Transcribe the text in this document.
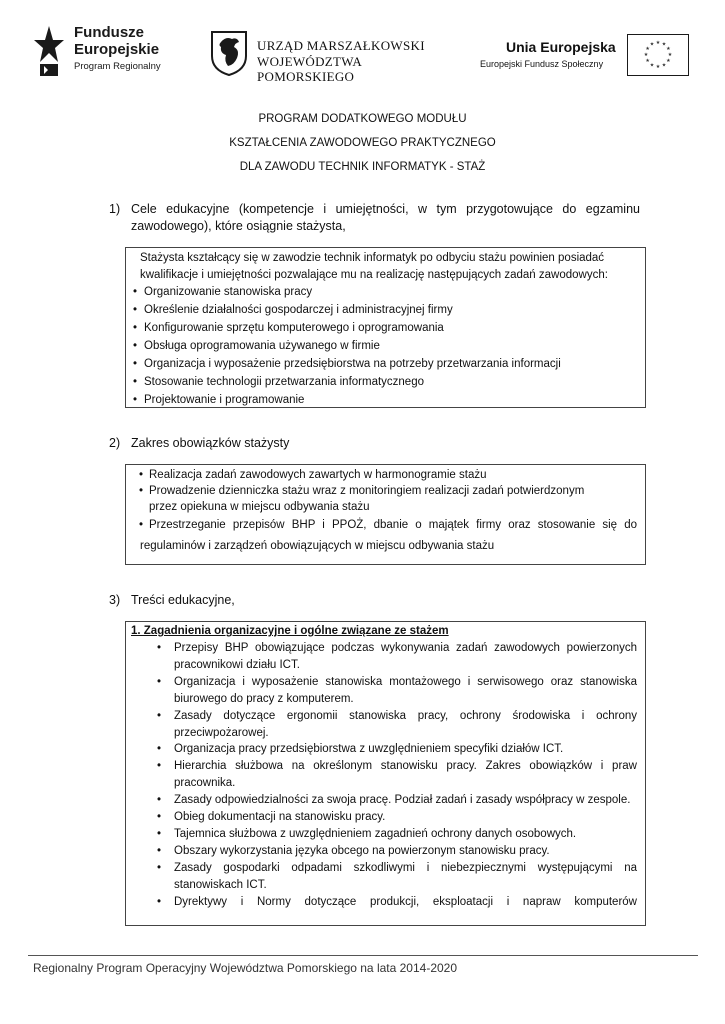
Fundusze
Europejskie
Program Regionalny
URZĄD MARSZAŁKOWSKI
WOJEWÓDZTWA POMORSKIEGO
Unia Europejska
Europejski Fundusz Społeczny
★ ★
★
★
★
★
★
★
★
★
★
★
PROGRAM DODATKOWEGO MODUŁU
KSZTAŁCENIA ZAWODOWEGO PRAKTYCZNEGO
DLA ZAWODU TECHNIK INFORMATYK - STAŻ
1) Cele edukacyjne (kompetencje i umiejętności, w tym przygotowujące do egzaminu
zawodowego), które osiągnie stażysta,

Stażysta kształcący się w zawodzie technik informatyk po odbyciu stażu powinien posiadać

kwalifikacje i umiejętności pozwalające mu na realizację następujących zadań zawodowych:

• Organizowanie stanowiska pracy

• Określenie działalności gospodarczej i administracyjnej firmy

• Konfigurowanie sprzętu komputerowego i oprogramowania

• Obsługa oprogramowania używanego w firmie

• Organizacja i wyposażenie przedsiębiorstwa na potrzeby przetwarzania informacji

• Stosowanie technologii przetwarzania informatycznego

• Projektowanie i programowanie

2) Zakres obowiązków stażysty

• Realizacja zadań zawodowych zawartych w harmonogramie stażu

• Prowadzenie dzienniczka stażu wraz z monitoringiem realizacji zadań potwierdzonym

przez opiekuna w miejscu odbywania stażu

• Przestrzeganie przepisów BHP i PPOŻ, dbanie o majątek firmy oraz stosowanie się do

regulaminów i zarządzeń obowiązujących w miejscu odbywania stażu

3) Treści edukacyjne,

1. Zagadnienia organizacyjne i ogólne związane ze stażem

• Przepisy BHP obowiązujące podczas wykonywania zadań zawodowych powierzonych pracownikowi działu ICT.

• Organizacja i wyposażenie stanowiska montażowego i serwisowego oraz stanowiska biurowego do pracy z komputerem.

• Zasady dotyczące ergonomii stanowiska pracy, ochrony środowiska i ochrony przeciwpożarowej.

• Organizacja pracy przedsiębiorstwa z uwzględnieniem specyfiki działów ICT.

• Hierarchia służbowa na określonym stanowisku pracy. Zakres obowiązków i praw pracownika.

• Zasady odpowiedzialności za swoja pracę. Podział zadań i zasady współpracy w zespole.

• Obieg dokumentacji na stanowisku pracy.

• Tajemnica służbowa z uwzględnieniem zagadnień ochrony danych osobowych.

• Obszary wykorzystania języka obcego na powierzonym stanowisku pracy.

• Zasady gospodarki odpadami szkodliwymi i niebezpiecznymi występującymi na stanowiskach ICT.

• Dyrektywy i Normy dotyczące produkcji, eksploatacji i napraw komputerów

Regionalny Program Operacyjny Województwa Pomorskiego na lata 2014-2020
